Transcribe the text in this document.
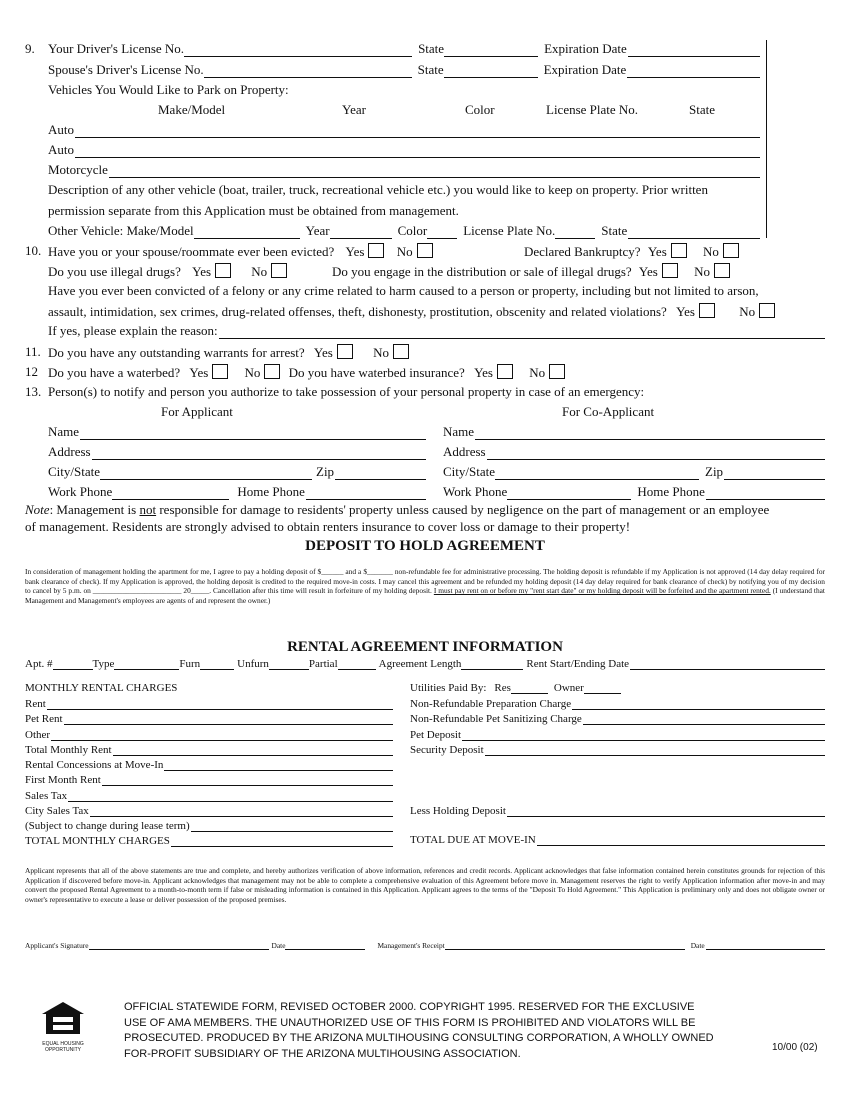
9. Your Driver's License No.	State	Expiration Date
Spouse's Driver's License No.	State	Expiration Date
Vehicles You Would Like to Park on Property:
Make/Model	Year	Color	License Plate No.	State
Auto
Auto
Motorcycle
Description of any other vehicle (boat, trailer, truck, recreational vehicle etc.) you would like to keep on property. Prior written
permission separate from this Application must be obtained from management.
Other Vehicle: Make/Model	Year	Color	License Plate No.	State
10. Have you or your spouse/roommate ever been evicted? Yes No	Declared Bankruptcy? Yes	No
Do you use illegal drugs? Yes	No	Do you engage in the distribution or sale of illegal drugs? Yes	No
Have you ever been convicted of a felony or any crime related to harm caused to a person or property, including but not limited to arson,
assault, intimidation, sex crimes, drug-related offenses, theft, dishonesty, prostitution, obscenity and related violations? Yes	No
If yes, please explain the reason:
11. Do you have any outstanding warrants for arrest? Yes	No
12 Do you have a waterbed? Yes	No Do you have waterbed insurance? Yes	No
13. Person(s) to notify and person you authorize to take possession of your personal property in case of an emergency:
For Applicant	For Co-Applicant
Name	Name
Address	Address
City/State	Zip	City/State	Zip
Work Phone	Home Phone	Work Phone	Home Phone
Note: Management is not responsible for damage to residents' property unless caused by negligence on the part of management or an employee
of management. Residents are strongly advised to obtain renters insurance to cover loss or damage to their property!
DEPOSIT TO HOLD AGREEMENT
In consideration of management holding the apartment for me, I agree to pay a holding deposit of $______ and a $_______ non-refundable fee for administrative processing. The holding deposit is refundable if my Application is not approved (14 day delay required for bank clearance of check). If my Application is approved, the holding deposit is credited to the required move-in costs. I may cancel this agreement and be refunded my holding deposit (14 day delay required for bank clearance of check) by notifying you of my decision to cancel by 5 p.m. on ________________________ 20_____. Cancellation after this time will result in forfeiture of my holding deposit. I must pay rent on or before my "rent start date" or my holding deposit will be forfeited and the apartment rented. (I understand that Management and Management's employees are agents of and represent the owner.)
RENTAL AGREEMENT INFORMATION
Apt. #	Type	Furn	Unfurn	Partial	Agreement Length	Rent Start/Ending Date
MONTHLY RENTAL CHARGES
Rent
Pet Rent
Other
Total Monthly Rent
Rental Concessions at Move-In
First Month Rent
Sales Tax
City Sales Tax
(Subject to change during lease term)
TOTAL MONTHLY CHARGES
Utilities Paid By: Res	Owner
Non-Refundable Preparation Charge
Non-Refundable Pet Sanitizing Charge
Pet Deposit
Security Deposit
Less Holding Deposit
TOTAL DUE AT MOVE-IN
Applicant represents that all of the above statements are true and complete, and hereby authorizes verification of above information, references and credit records. Applicant acknowledges that false information contained herein constitutes grounds for rejection of this Application if discovered before move-in. Applicant acknowledges that management may not be able to complete a comprehensive evaluation of this Agreement before move in. Management reserves the right to verify Application information after move-in and may convert the proposed Rental Agreement to a month-to-month term if false or misleading information is contained in this Application. Applicant agrees to the terms of the "Deposit To Hold Agreement." This Application is preliminary only and does not obligate owner or owner's representative to execute a lease or deliver possession of the proposed premises.
Applicant's Signature	Date	Management's Receipt	Date
EQUAL HOUSING
OPPORTUNITY
OFFICIAL STATEWIDE FORM, REVISED OCTOBER 2000. COPYRIGHT 1995. RESERVED FOR THE EXCLUSIVE
USE OF AMA MEMBERS. THE UNAUTHORIZED USE OF THIS FORM IS PROHIBITED AND VIOLATORS WILL BE
PROSECUTED. PRODUCED BY THE ARIZONA MULTIHOUSING CONSULTING CORPORATION, A WHOLLY OWNED
FOR-PROFIT SUBSIDIARY OF THE ARIZONA MULTIHOUSING ASSOCIATION.	10/00 (02)
